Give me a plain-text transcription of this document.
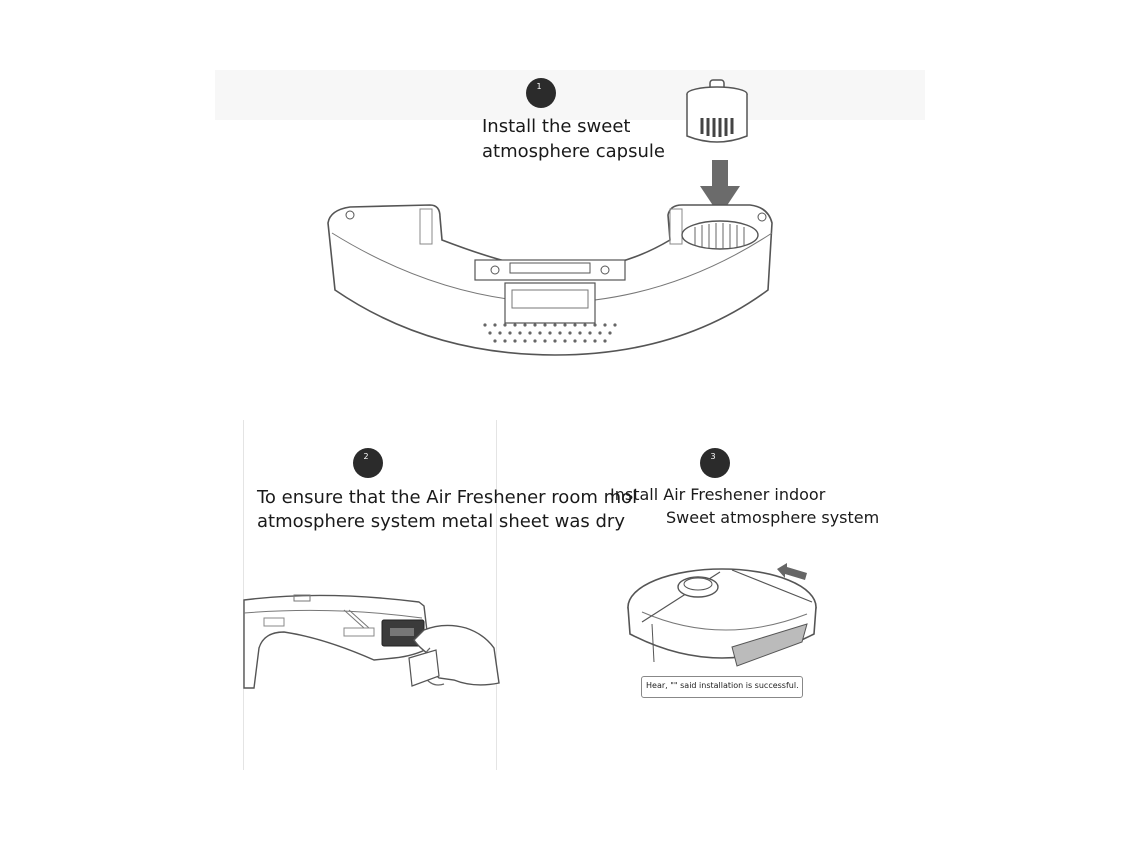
1
Install the sweet
atmosphere capsule
2
To ensure that the Air Freshener room mol
atmosphere system metal sheet was dry
3
Install Air Freshener indoor
Sweet atmosphere system
Hear, "" said installation is successful.
